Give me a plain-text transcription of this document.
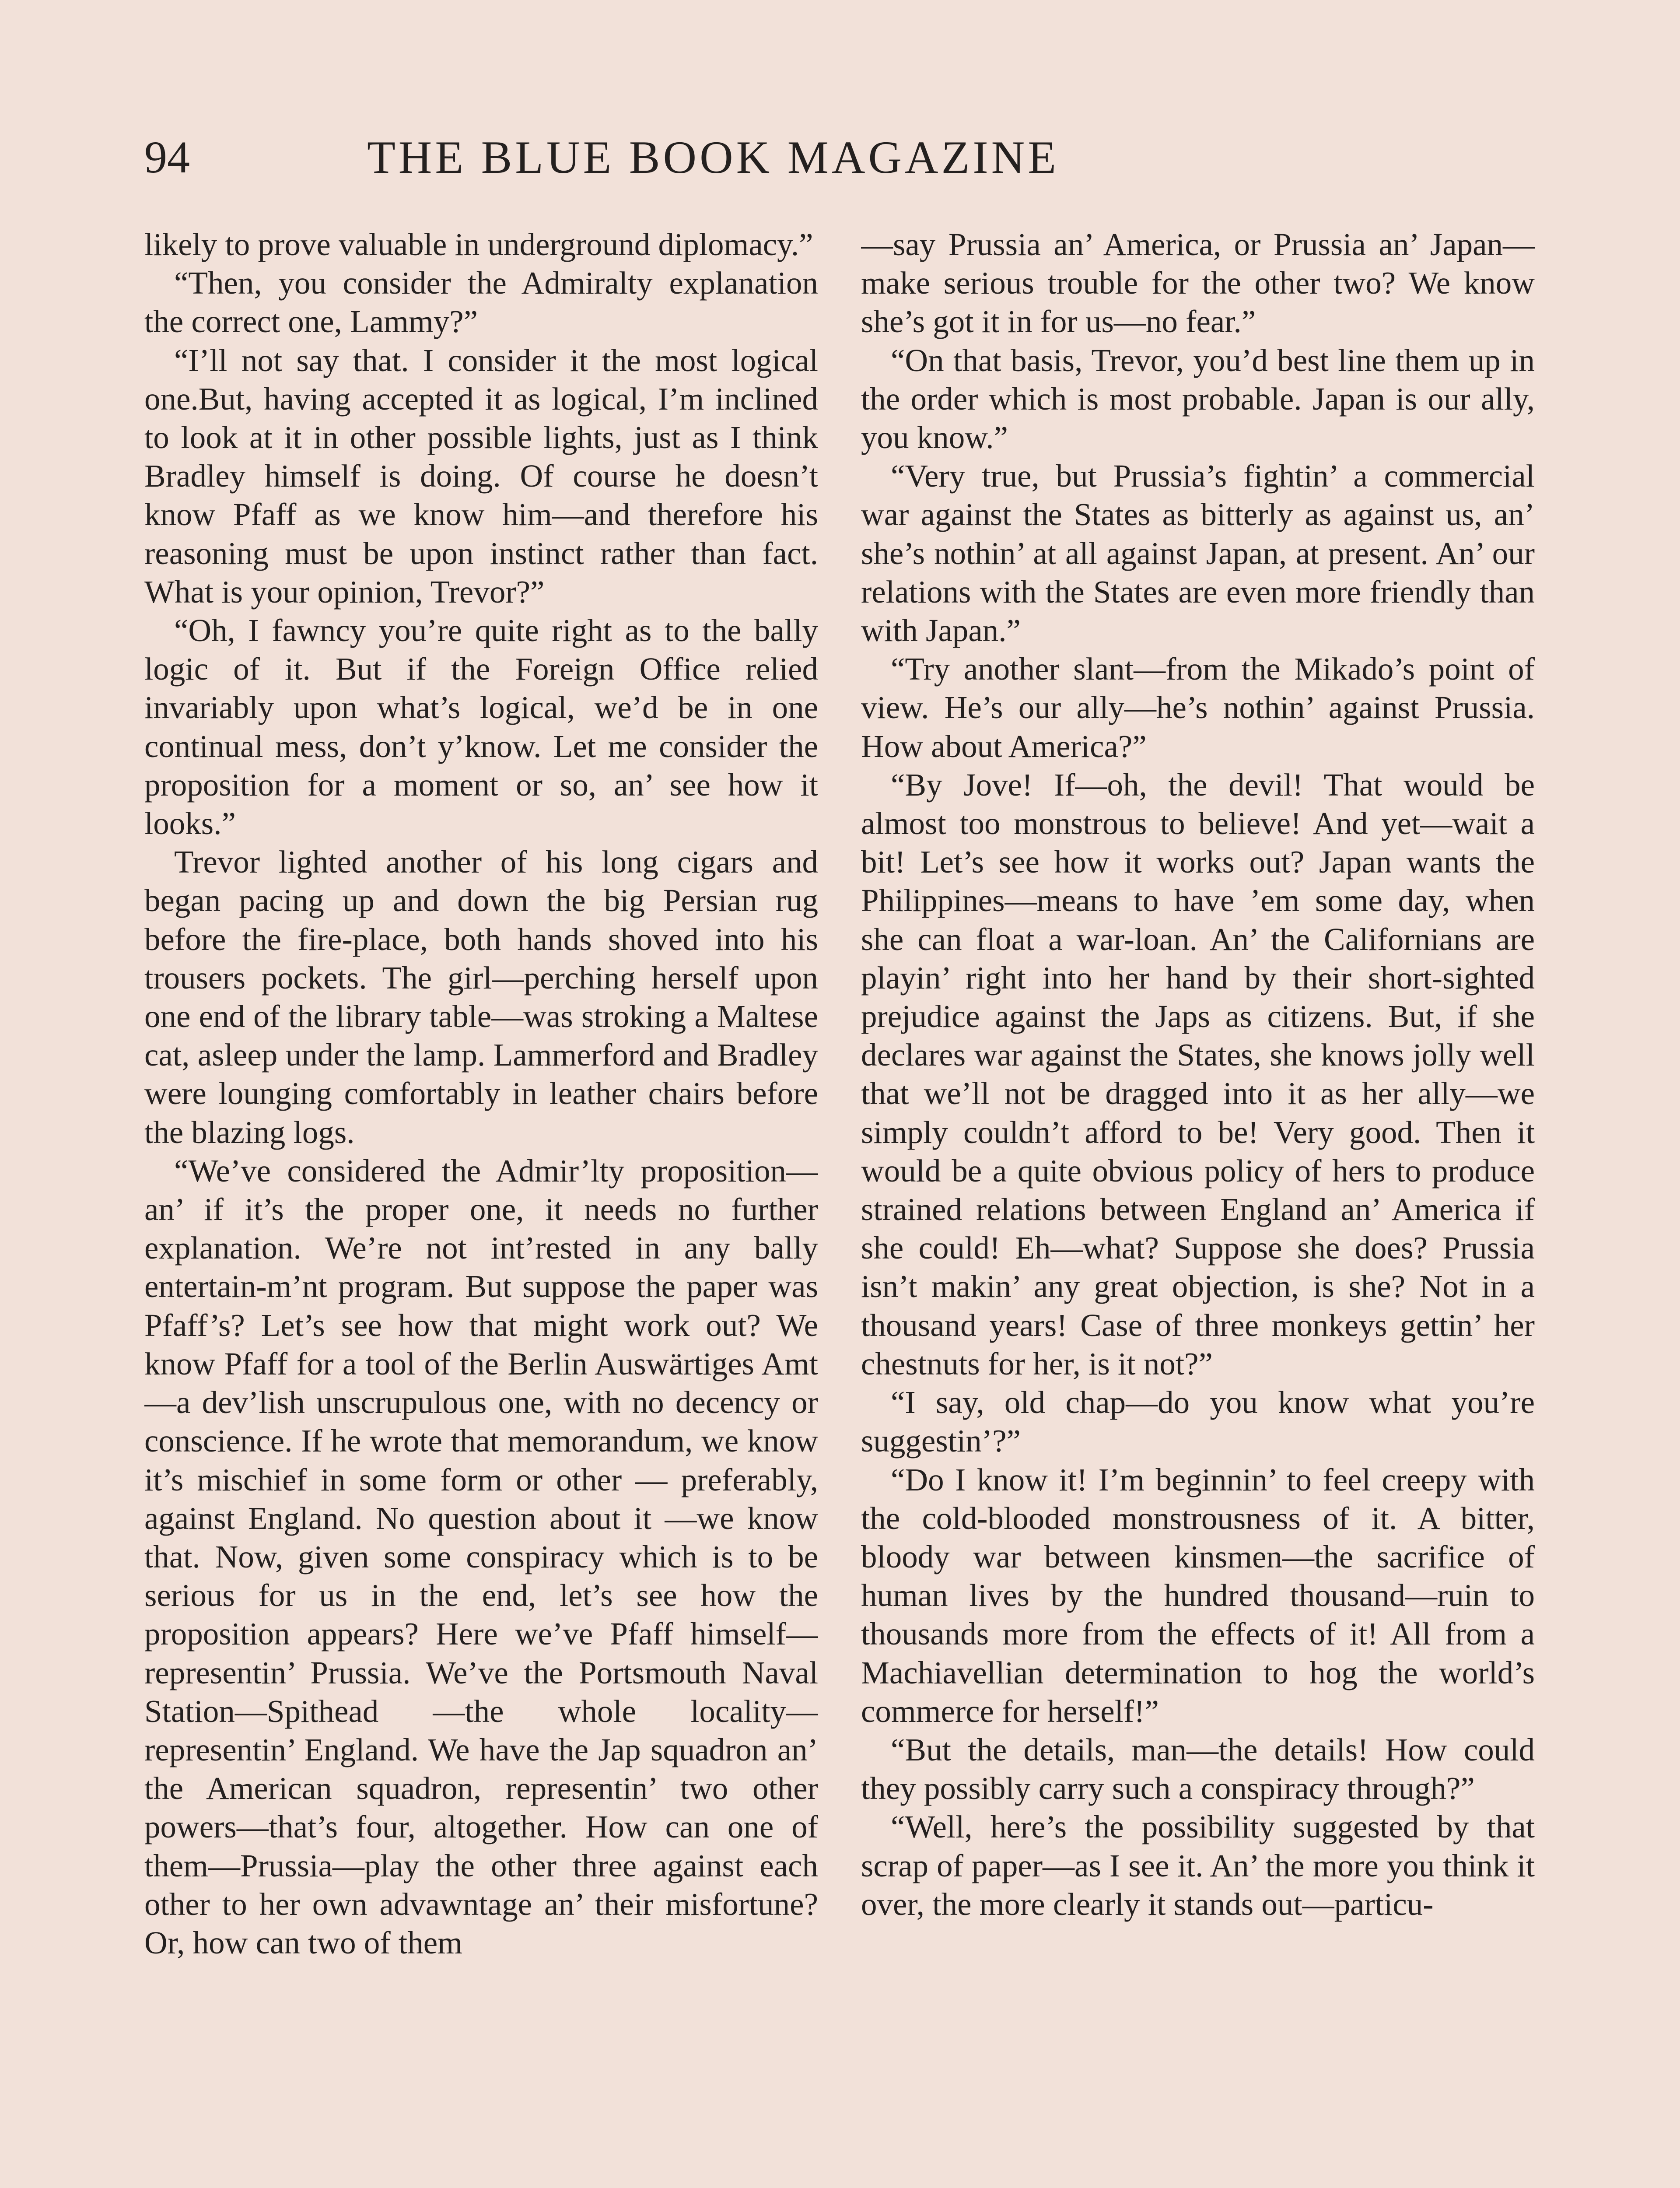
94	THE BLUE BOOK MAGAZINE

likely to prove valuable in underground diplomacy.”

“Then, you consider the Admiralty explanation the correct one, Lammy?”

“I’ll not say that. I consider it the most logical one.But, having accepted it as logical, I’m inclined to look at it in other possible lights, just as I think Bradley himself is doing. Of course he doesn’t know Pfaff as we know him—and therefore his reasoning must be upon instinct rather than fact. What is your opinion, Trevor?”

“Oh, I fawncy you’re quite right as to the bally logic of it. But if the Foreign Office relied invariably upon what’s logical, we’d be in one continual mess, don’t y’know. Let me consider the proposition for a moment or so, an’ see how it looks.”

Trevor lighted another of his long cigars and began pacing up and down the big Persian rug before the fire-place, both hands shoved into his trousers pockets. The girl—perching herself upon one end of the library table—was stroking a Maltese cat, asleep under the lamp. Lammerford and Bradley were lounging comfortably in leather chairs before the blazing logs.

“We’ve considered the Admir’lty proposition—an’ if it’s the proper one, it needs no further explanation. We’re not int’rested in any bally entertain-m’nt program. But suppose the paper was Pfaff’s? Let’s see how that might work out? We know Pfaff for a tool of the Berlin Auswärtiges Amt—a dev’lish unscrupulous one, with no decency or conscience. If he wrote that memorandum, we know it’s mischief in some form or other — preferably, against England. No question about it —we know that. Now, given some conspiracy which is to be serious for us in the end, let’s see how the proposition appears? Here we’ve Pfaff himself—representin’ Prussia. We’ve the Portsmouth Naval Station—Spithead —the whole locality—representin’ England. We have the Jap squadron an’ the American squadron, representin’ two other powers—that’s four, altogether. How can one of them—Prussia—play the other three against each other to her own advawntage an’ their misfortune? Or, how can two of them

—say Prussia an’ America, or Prussia an’ Japan—make serious trouble for the other two? We know she’s got it in for us—no fear.”

“On that basis, Trevor, you’d best line them up in the order which is most probable. Japan is our ally, you know.”

“Very true, but Prussia’s fightin’ a commercial war against the States as bitterly as against us, an’ she’s nothin’ at all against Japan, at present. An’ our relations with the States are even more friendly than with Japan.”

“Try another slant—from the Mikado’s point of view. He’s our ally—he’s nothin’ against Prussia. How about America?”

“By Jove! If—oh, the devil! That would be almost too monstrous to believe! And yet—wait a bit! Let’s see how it works out? Japan wants the Philippines—means to have ’em some day, when she can float a war-loan. An’ the Californians are playin’ right into her hand by their short-sighted prejudice against the Japs as citizens. But, if she declares war against the States, she knows jolly well that we’ll not be dragged into it as her ally—we simply couldn’t afford to be! Very good. Then it would be a quite obvious policy of hers to produce strained relations between England an’ America if she could! Eh—what? Suppose she does? Prussia isn’t makin’ any great objection, is she? Not in a thousand years! Case of three monkeys gettin’ her chestnuts for her, is it not?”

“I say, old chap—do you know what you’re suggestin’?”

“Do I know it! I’m beginnin’ to feel creepy with the cold-blooded monstrousness of it. A bitter, bloody war between kinsmen—the sacrifice of human lives by the hundred thousand—ruin to thousands more from the effects of it! All from a Machiavellian determination to hog the world’s commerce for herself!”

“But the details, man—the details! How could they possibly carry such a conspiracy through?”

“Well, here’s the possibility suggested by that scrap of paper—as I see it. An’ the more you think it over, the more clearly it stands out—particu-
